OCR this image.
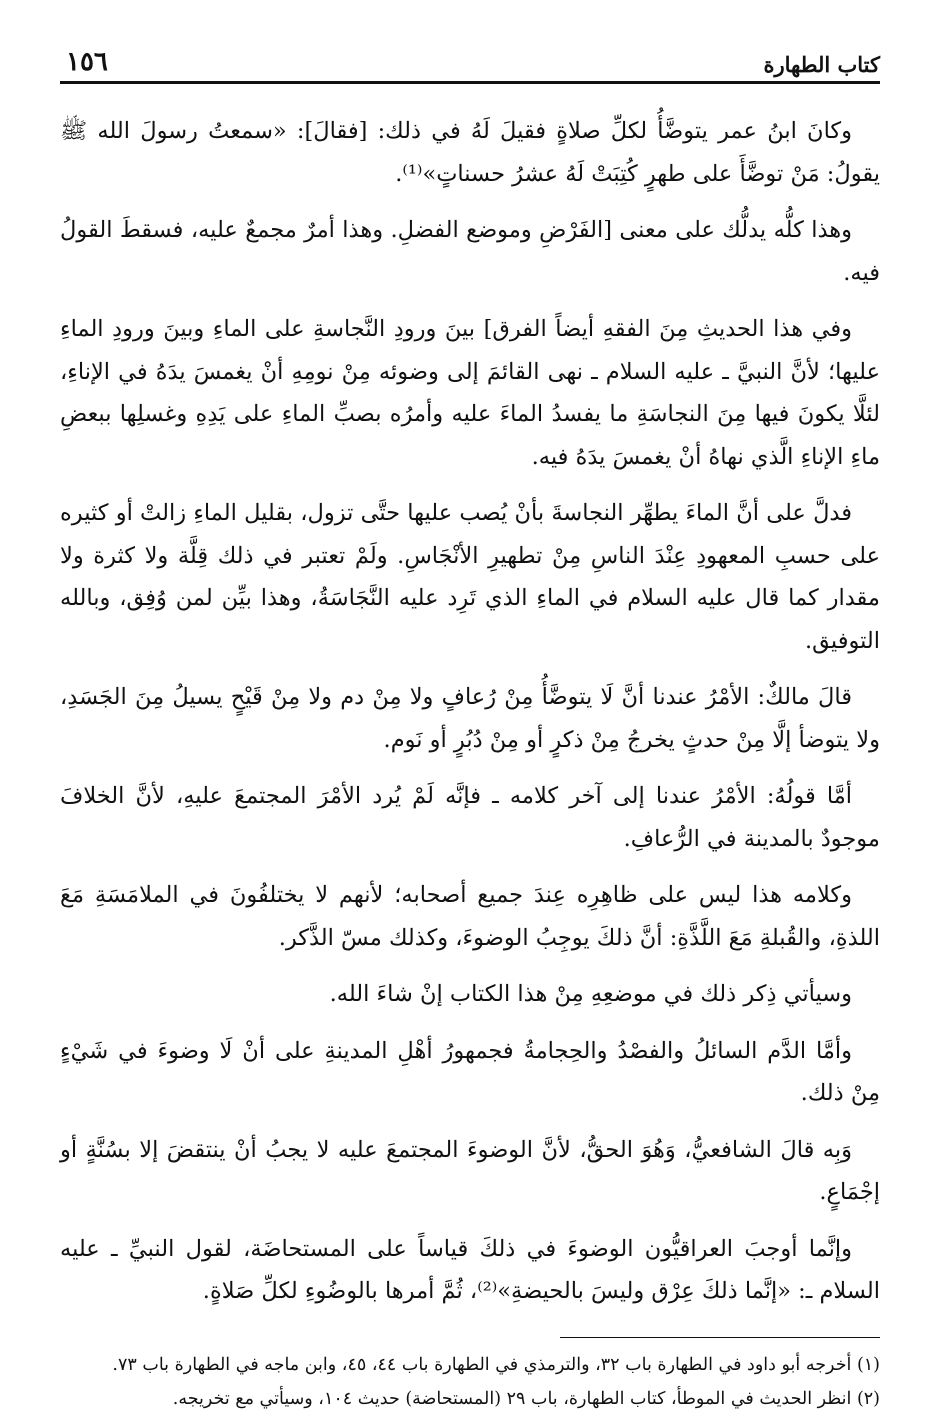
كتاب الطهارة
١٥٦

وكانَ ابنُ عمر يتوضَّأُ لكلِّ صلاةٍ فقيلَ لَهُ في ذلك: [فقالَ]: «سمعتُ رسولَ الله ﷺ يقولُ: مَنْ توضَّأَ على طهرٍ كُتِبَتْ لَهُ عشرُ حسناتٍ»⁽¹⁾.

وهذا كلُّه يدلُّك على معنى [الفَرْضِ وموضع الفضلِ. وهذا أمرٌ مجمعٌ عليه، فسقطَ القولُ فيه.

وفي هذا الحديثِ مِنَ الفقهِ أيضاً الفرق] بينَ ورودِ النَّجاسةِ على الماءِ وبينَ ورودِ الماءِ عليها؛ لأنَّ النبيَّ ـ عليه السلام ـ نهى القائمَ إلى وضوئه مِنْ نومِهِ أنْ يغمسَ يدَهُ في الإناءِ، لئلَّا يكونَ فيها مِنَ النجاسَةِ ما يفسدُ الماءَ عليه وأمرُه بصبِّ الماءِ على يَدِهِ وغسلِها ببعضِ ماءِ الإناءِ الَّذي نهاهُ أنْ يغمسَ يدَهُ فيه.

فدلَّ على أنَّ الماءَ يطهِّر النجاسةَ بأنْ يُصب عليها حتَّى تزول، بقليل الماءِ زالتْ أو كثيره على حسبِ المعهودِ عِنْدَ الناسِ مِنْ تطهيرِ الأنْجَاسِ. ولَمْ تعتبر في ذلك قِلَّة ولا كثرة ولا مقدار كما قال عليه السلام في الماءِ الذي تَرِد عليه النَّجَاسَةُ، وهذا بيِّن لمن وُفِق، وبالله التوفيق.

قالَ مالكٌ: الأمْرُ عندنا أنَّ لَا يتوضَّأُ مِنْ رُعافٍ ولا مِنْ دم ولا مِنْ قَيْحٍ يسيلُ مِنَ الجَسَدِ، ولا يتوضأ إلَّا مِنْ حدثٍ يخرجُ مِنْ ذكرٍ أو مِنْ دُبُرٍ أو نَوم.

أمَّا قولُهُ: الأمْرُ عندنا إلى آخر كلامه ـ فإنَّه لَمْ يُرد الأمْرَ المجتمعَ عليهِ، لأنَّ الخلافَ موجودٌ بالمدينة في الرُّعافِ.

وكلامه هذا ليس على ظاهِرِه عِندَ جميع أصحابه؛ لأنهم لا يختلفُونَ في الملامَسَةِ مَعَ اللذةِ، والقُبلةِ مَعَ اللَّذَّةِ: أنَّ ذلكَ يوجِبُ الوضوءَ، وكذلك مسّ الذَّكر.

وسيأتي ذِكر ذلك في موضعِهِ مِنْ هذا الكتاب إنْ شاءَ الله.

وأمَّا الدَّم السائلُ والفصْدُ والحِجامةُ فجمهورُ أهْلِ المدينةِ على أنْ لَا وضوءَ في شَيْءٍ مِنْ ذلك.

وَبِه قالَ الشافعيُّ، وَهُوَ الحقُّ، لأنَّ الوضوءَ المجتمعَ عليه لا يجبُ أنْ ينتقضَ إلا بسُنَّةٍ أو إجْمَاعٍ.

وإنَّما أوجبَ العراقيُّون الوضوءَ في ذلكَ قياساً على المستحاضَة، لقول النبيِّ ـ عليه السلام ـ: «إنَّما ذلكَ عِرْق وليسَ بالحيضةِ»⁽²⁾، ثُمَّ أمرها بالوضُوءِ لكلِّ صَلاةٍ.

(١) أخرجه أبو داود في الطهارة باب ٣٢، والترمذي في الطهارة باب ٤٤، ٤٥، وابن ماجه في الطهارة باب ٧٣.

(٢) انظر الحديث في الموطأ، كتاب الطهارة، باب ٢٩ (المستحاضة) حديث ١٠٤، وسيأتي مع تخريجه.
